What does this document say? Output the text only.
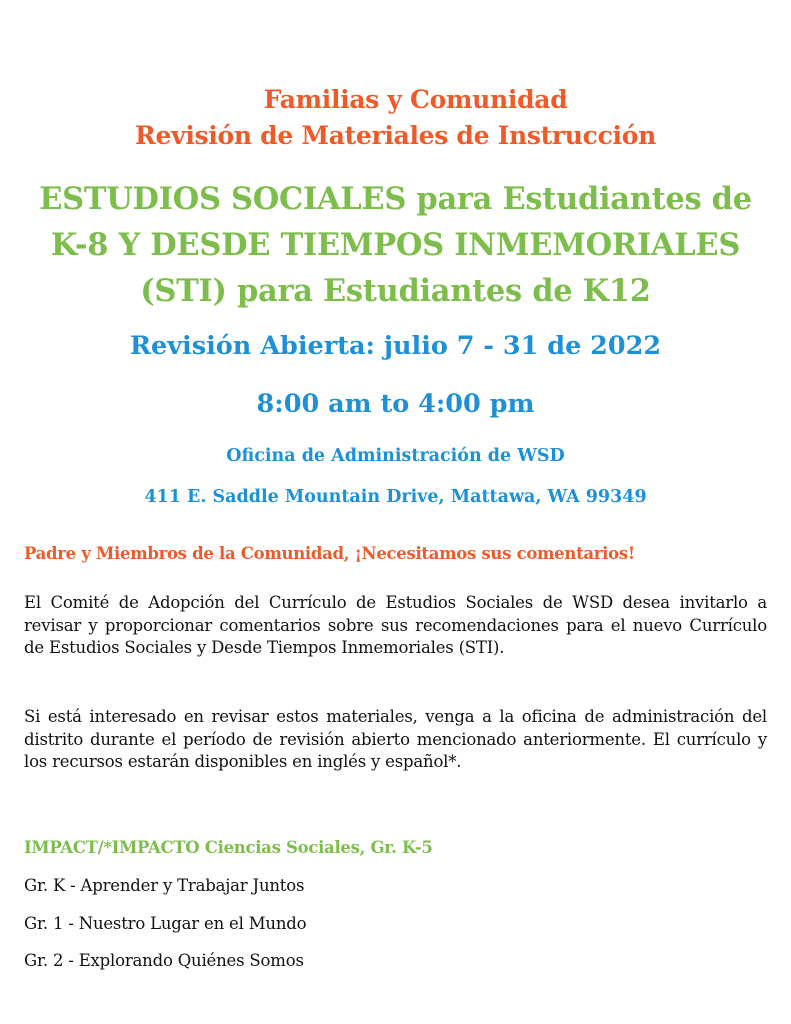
Familias y Comunidad
Revisión de Materiales de Instrucción
ESTUDIOS SOCIALES para Estudiantes de
K-8 Y DESDE TIEMPOS INMEMORIALES
(STI) para Estudiantes de K12
Revisión Abierta: julio 7 - 31 de 2022
8:00 am to 4:00 pm
Oficina de Administración de WSD
411 E. Saddle Mountain Drive, Mattawa, WA 99349
Padre y Miembros de la Comunidad, ¡Necesitamos sus comentarios!
El Comité de Adopción del Currículo de Estudios Sociales de WSD desea invitarlo a revisar y proporcionar comentarios sobre sus recomendaciones para el nuevo Currículo de Estudios Sociales y Desde Tiempos Inmemoriales (STI).
Si está interesado en revisar estos materiales, venga a la oficina de administración del distrito durante el período de revisión abierto mencionado anteriormente. El currículo y los recursos estarán disponibles en inglés y español*.
IMPACT/*IMPACTO Ciencias Sociales, Gr. K-5
Gr. K - Aprender y Trabajar Juntos
Gr. 1 - Nuestro Lugar en el Mundo
Gr. 2 - Explorando Quiénes Somos
